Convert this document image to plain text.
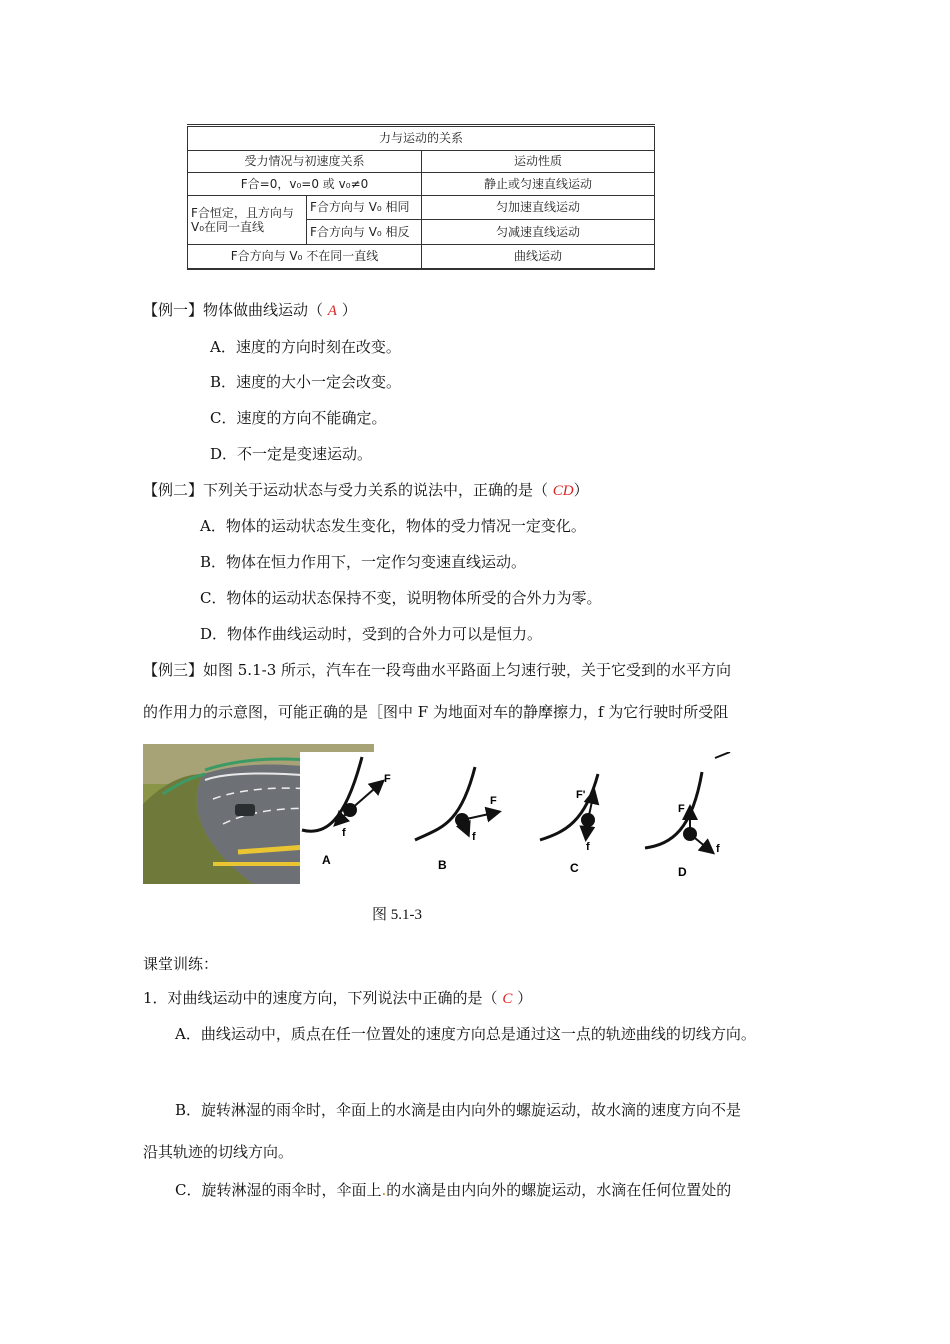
力与运动的关系		
受力情况与初速度关系		运动性质
F合=0，v₀=0 或 v₀≠0		静止或匀速直线运动
F合恒定，且方向与V₀在同一直线	F合方向与 V₀ 相同	匀加速直线运动
	F合方向与 V₀ 相反	匀减速直线运动
F合方向与 V₀ 不在同一直线		曲线运动
【例一】物体做曲线运动（ A ）
A．速度的方向时刻在改变。
B．速度的大小一定会改变。
C．速度的方向不能确定。
D．不一定是变速运动。
【例二】下列关于运动状态与受力关系的说法中，正确的是（ CD）
A．物体的运动状态发生变化，物体的受力情况一定变化。
B．物体在恒力作用下，一定作匀变速直线运动。
C．物体的运动状态保持不变，说明物体所受的合外力为零。
D．物体作曲线运动时，受到的合外力可以是恒力。
【例三】如图 5.1-3 所示，汽车在一段弯曲水平路面上匀速行驶，关于它受到的水平方向
的作用力的示意图，可能正确的是［图中 F 为地面对车的静摩擦力，f 为它行驶时所受阻
F
f
A
F
f
B
F'
f
C
F
f
D
图 5.1-3
课堂训练：
1．对曲线运动中的速度方向，下列说法中正确的是（ C ）
A．曲线运动中，质点在任一位置处的速度方向总是通过这一点的轨迹曲线的切线方向。
B．旋转淋湿的雨伞时，伞面上的水滴是由内向外的螺旋运动，故水滴的速度方向不是
沿其轨迹的切线方向。
C．旋转淋湿的雨伞时，伞面上.的水滴是由内向外的螺旋运动，水滴在任何位置处的
